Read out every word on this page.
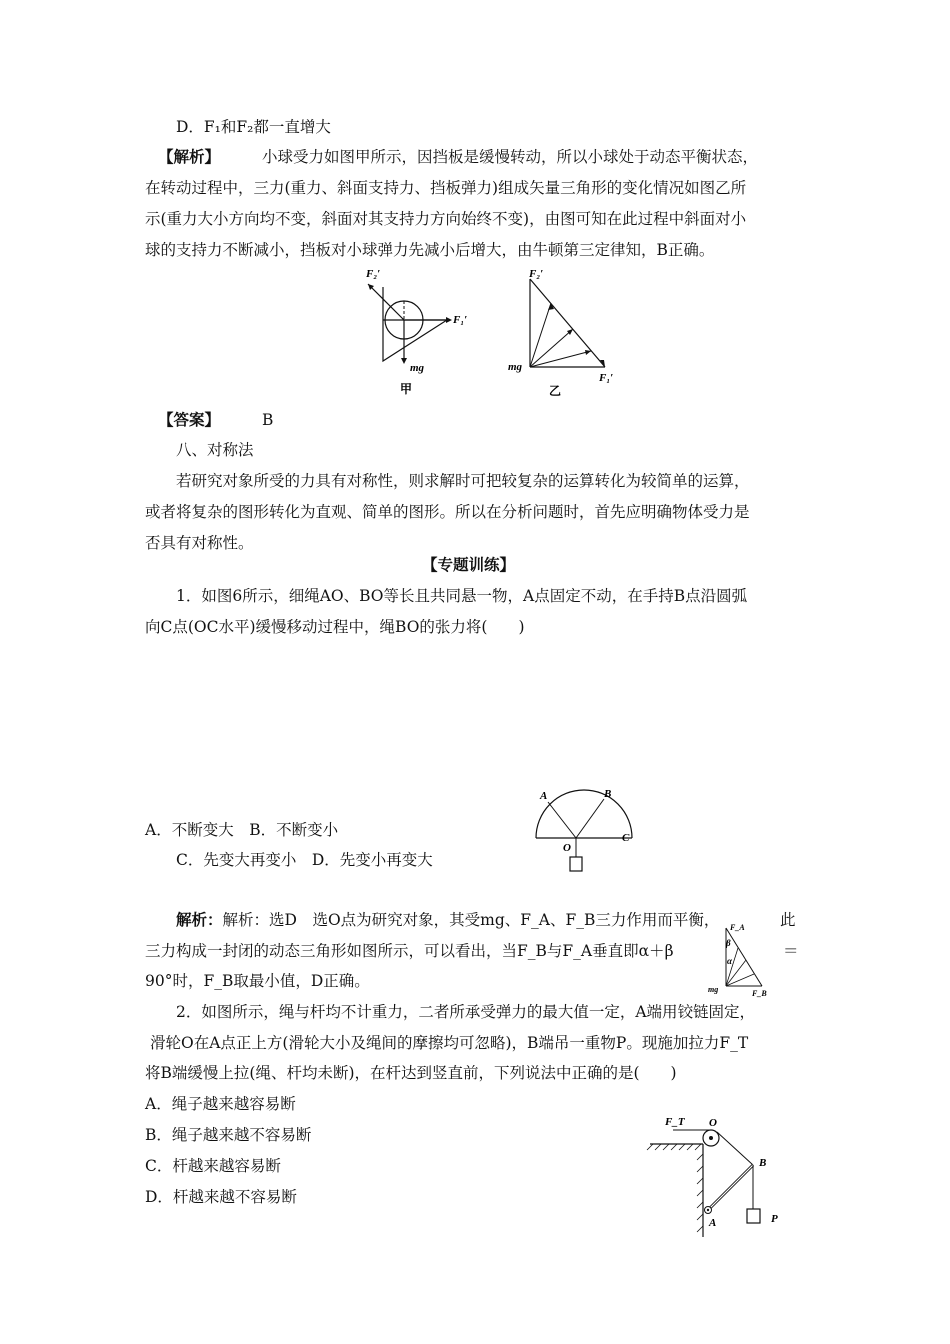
D．F₁和F₂都一直增大
【解析】	小球受力如图甲所示，因挡板是缓慢转动，所以小球处于动态平衡状态，
在转动过程中，三力(重力、斜面支持力、挡板弹力)组成矢量三角形的变化情况如图乙所
示(重力大小方向均不变，斜面对其支持力方向始终不变)，由图可知在此过程中斜面对小
球的支持力不断减小，挡板对小球弹力先减小后增大，由牛顿第三定律知，B正确。
F₂′
F₁′
mg
甲
F₂′
mg
F₁′
乙
【答案】	B
八、对称法
若研究对象所受的力具有对称性，则求解时可把较复杂的运算转化为较简单的运算，
或者将复杂的图形转化为直观、简单的图形。所以在分析问题时，首先应明确物体受力是
否具有对称性。
【专题训练】
1．如图6所示，细绳AO、BO等长且共同悬一物，A点固定不动，在手持B点沿圆弧
向C点(OC水平)缓慢移动过程中，绳BO的张力将(　　)
A．不断变大　B．不断变小
C．先变大再变小　D．先变小再变大
A	B
C
O
解析：解析：选D　选O点为研究对象，其受mg、F_A、F_B三力作用而平衡，	此
三力构成一封闭的动态三角形如图所示，可以看出，当F_B与F_A垂直即α＋β	＝
90°时，F_B取最小值，D正确。
F_A
β
α
mg	F_B
2．如图所示，绳与杆均不计重力，二者所承受弹力的最大值一定，A端用铰链固定，
滑轮O在A点正上方(滑轮大小及绳间的摩擦均可忽略)，B端吊一重物P。现施加拉力F_T
将B端缓慢上拉(绳、杆均未断)，在杆达到竖直前，下列说法中正确的是(　　)
A．绳子越来越容易断
B．绳子越来越不容易断
C．杆越来越容易断
D．杆越来越不容易断
F_T O
B
A	P
